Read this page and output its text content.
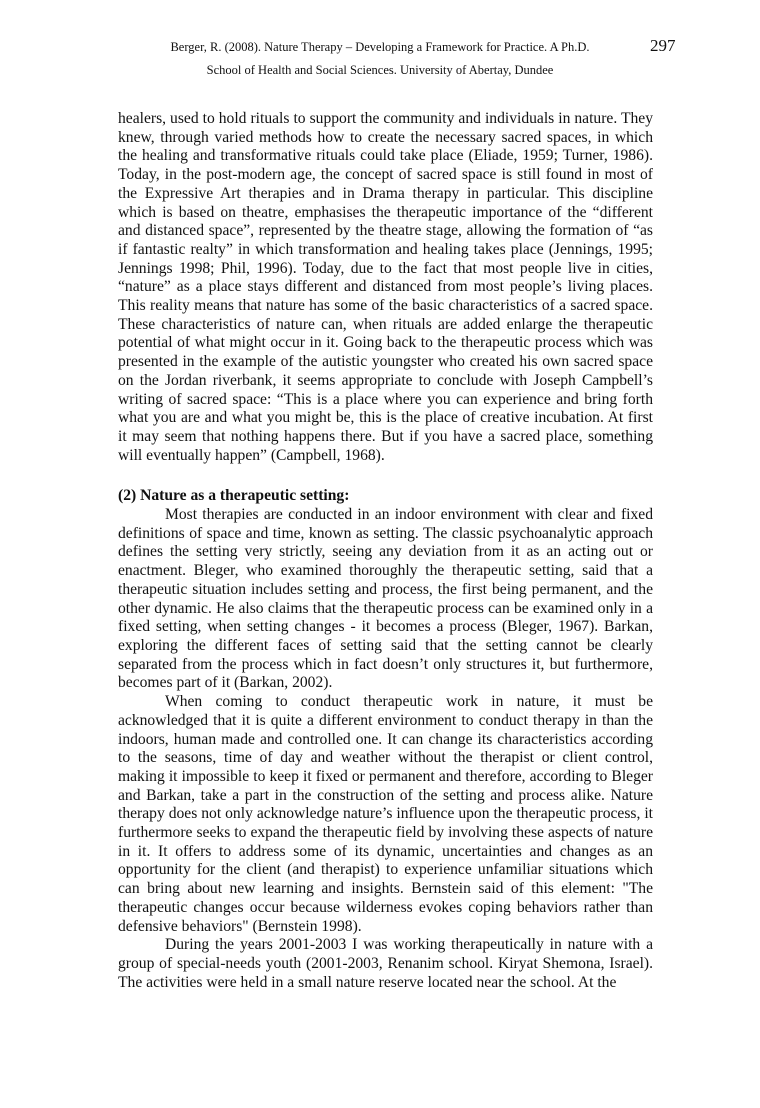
Berger, R. (2008). Nature Therapy – Developing a Framework for Practice. A Ph.D.
School of Health and Social Sciences. University of Abertay, Dundee
297

healers, used to hold rituals to support the community and individuals in nature. They knew, through varied methods how to create the necessary sacred spaces, in which the healing and transformative rituals could take place (Eliade, 1959; Turner, 1986). Today, in the post-modern age, the concept of sacred space is still found in most of the Expressive Art therapies and in Drama therapy in particular. This discipline which is based on theatre, emphasises the therapeutic importance of the “different and distanced space”, represented by the theatre stage, allowing the formation of “as if fantastic realty” in which transformation and healing takes place (Jennings, 1995; Jennings 1998; Phil, 1996). Today, due to the fact that most people live in cities, “nature” as a place stays different and distanced from most people’s living places. This reality means that nature has some of the basic characteristics of a sacred space. These characteristics of nature can, when rituals are added enlarge the therapeutic potential of what might occur in it. Going back to the therapeutic process which was presented in the example of the autistic youngster who created his own sacred space on the Jordan riverbank, it seems appropriate to conclude with Joseph Campbell’s writing of sacred space: “This is a place where you can experience and bring forth what you are and what you might be, this is the place of creative incubation. At first it may seem that nothing happens there. But if you have a sacred place, something will eventually happen” (Campbell, 1968).

(2) Nature as a therapeutic setting:

Most therapies are conducted in an indoor environment with clear and fixed definitions of space and time, known as setting. The classic psychoanalytic approach defines the setting very strictly, seeing any deviation from it as an acting out or enactment. Bleger, who examined thoroughly the therapeutic setting, said that a therapeutic situation includes setting and process, the first being permanent, and the other dynamic. He also claims that the therapeutic process can be examined only in a fixed setting, when setting changes - it becomes a process (Bleger, 1967). Barkan, exploring the different faces of setting said that the setting cannot be clearly separated from the process which in fact doesn’t only structures it, but furthermore, becomes part of it (Barkan, 2002).

When coming to conduct therapeutic work in nature, it must be acknowledged that it is quite a different environment to conduct therapy in than the indoors, human made and controlled one. It can change its characteristics according to the seasons, time of day and weather without the therapist or client control, making it impossible to keep it fixed or permanent and therefore, according to Bleger and Barkan, take a part in the construction of the setting and process alike. Nature therapy does not only acknowledge nature’s influence upon the therapeutic process, it furthermore seeks to expand the therapeutic field by involving these aspects of nature in it. It offers to address some of its dynamic, uncertainties and changes as an opportunity for the client (and therapist) to experience unfamiliar situations which can bring about new learning and insights. Bernstein said of this element: "The therapeutic changes occur because wilderness evokes coping behaviors rather than defensive behaviors" (Bernstein 1998).

During the years 2001-2003 I was working therapeutically in nature with a group of special-needs youth (2001-2003, Renanim school. Kiryat Shemona, Israel). The activities were held in a small nature reserve located near the school. At the
